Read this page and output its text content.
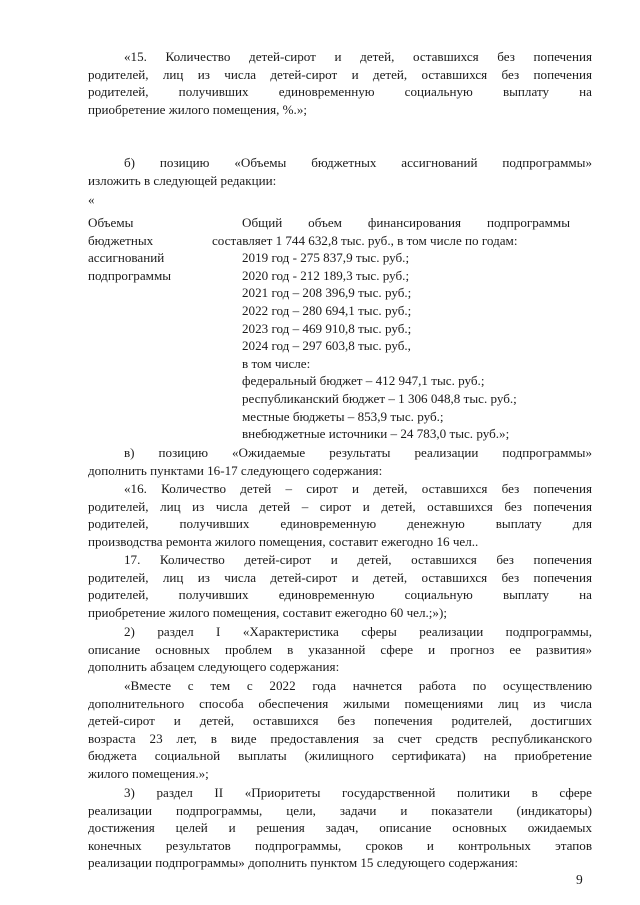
«15. Количество детей-сирот и детей, оставшихся без попечения
родителей, лиц из числа детей-сирот и детей, оставшихся без попечения
родителей, получивших единовременную социальную выплату на
приобретение жилого помещения, %.»;
б) позицию «Объемы бюджетных ассигнований подпрограммы»
изложить в следующей редакции:
«
Объемы
бюджетных
ассигнований
подпрограммы
Общий объем финансирования подпрограммы
составляет 1 744 632,8 тыс. руб., в том числе по годам:
2019 год - 275 837,9 тыс. руб.;
2020 год - 212 189,3 тыс. руб.;
2021 год – 208 396,9 тыс. руб.;
2022 год – 280 694,1 тыс. руб.;
2023 год – 469 910,8 тыс. руб.;
2024 год – 297 603,8 тыс. руб.,
в том числе:
федеральный бюджет – 412 947,1 тыс. руб.;
республиканский бюджет – 1 306 048,8 тыс. руб.;
местные бюджеты – 853,9 тыс. руб.;
внебюджетные источники – 24 783,0 тыс. руб.»;
в) позицию «Ожидаемые результаты реализации подпрограммы»
дополнить пунктами 16-17 следующего содержания:
«16. Количество детей – сирот и детей, оставшихся без попечения
родителей, лиц из числа детей – сирот и детей, оставшихся без попечения
родителей, получивших единовременную денежную выплату для
производства ремонта жилого помещения, составит ежегодно 16 чел..
17. Количество детей-сирот и детей, оставшихся без попечения
родителей, лиц из числа детей-сирот и детей, оставшихся без попечения
родителей, получивших единовременную социальную выплату на
приобретение жилого помещения, составит ежегодно 60 чел.;»);
2) раздел I «Характеристика сферы реализации подпрограммы,
описание основных проблем в указанной сфере и прогноз ее развития»
дополнить абзацем следующего содержания:
«Вместе с тем с 2022 года начнется работа по осуществлению
дополнительного способа обеспечения жилыми помещениями лиц из числа
детей-сирот и детей, оставшихся без попечения родителей, достигших
возраста 23 лет, в виде предоставления за счет средств республиканского
бюджета социальной выплаты (жилищного сертификата) на приобретение
жилого помещения.»;
3) раздел II «Приоритеты государственной политики в сфере
реализации подпрограммы, цели, задачи и показатели (индикаторы)
достижения целей и решения задач, описание основных ожидаемых
конечных результатов подпрограммы, сроков и контрольных этапов
реализации подпрограммы» дополнить пунктом 15 следующего содержания:
9
